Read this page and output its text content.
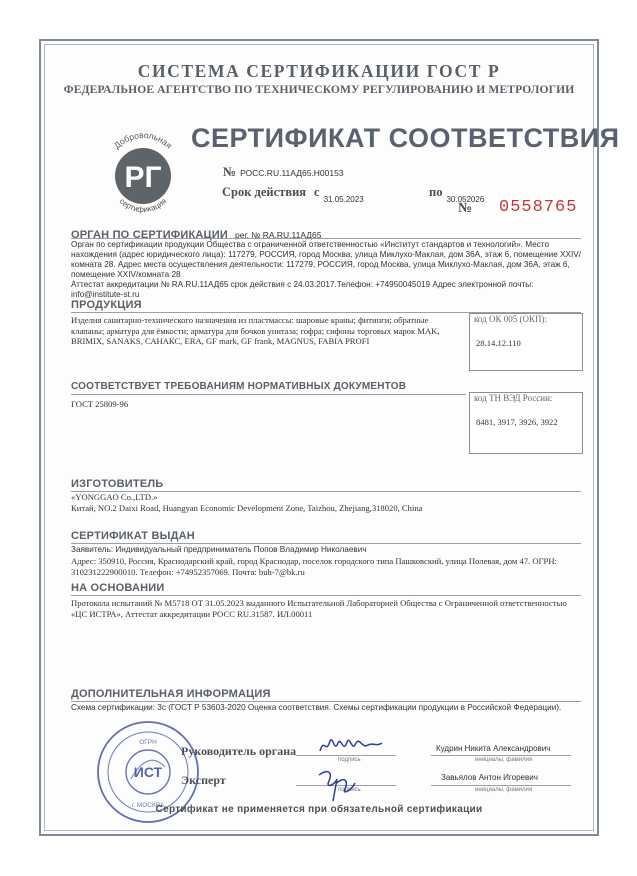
СИСТЕМА СЕРТИФИКАЦИИ ГОСТ Р
ФЕДЕРАЛЬНОЕ АГЕНТСТВО ПО ТЕХНИЧЕСКОМУ РЕГУЛИРОВАНИЮ И МЕТРОЛОГИИ
РГ
Добровольная
сертификация
СЕРТИФИКАТ СООТВЕТСТВИЯ
№ РОСС.RU.11АД65.Н00153
Срок действия с $_{31.05.2023}$
по $_{30.052026}$
№ 0558765
ОРГАН ПО СЕРТИФИКАЦИИ рег. № RA.RU.11АД65
Орган по сертификации продукции Общества с ограниченной ответственностью «Институт стандартов и технологий». Место нахождения (адрес юридического лица): 117279, РОССИЯ, город Москва, улица Миклухо-Маклая, дом 36А, этаж 6, помещение XXIV/комната 28. Адрес места осуществления деятельности: 117279, РОССИЯ, город Москва, улица Миклухо-Маклая, дом 36А, этаж 6, помещение XXIV/комната 28
Аттестат аккредитации № RA.RU.11АД65 срок действия с 24.03.2017.Телефон: +74950045019 Адрес электронной почты: info@institute-st.ru
ПРОДУКЦИЯ
Изделия санитарно-технического назначения из пластмассы: шаровые краны; фитинги; обратные клапаны; арматура для ёмкости; арматура для бочков унитаза; гофра; сифоны торговых марок MAK, BRIMIX, SANAKS, САНАКС, ERA, GF mark, GF frank, MAGNUS, FABIA PROFI
код ОК 005 (ОКП):
28.14.12.110
СООТВЕТСТВУЕТ ТРЕБОВАНИЯМ НОРМАТИВНЫХ ДОКУМЕНТОВ
ГОСТ 25809-96
код ТН ВЭД России:
8481, 3917, 3926, 3922
ИЗГОТОВИТЕЛЬ
«YONGGAO Co.,LTD.»
Китай, NO.2 Daixi Road, Huangyan Economic Development Zone, Taizhou, Zhejiang,318020, China
СЕРТИФИКАТ ВЫДАН
Заявитель: Индивидуальный предприниматель Попов Владимир Николаевич
Адрес: 350910, Россия, Краснодарский край, город Краснодар, поселок городского типа Пашковский, улица Полевая, дом 47. ОГРН: 310231222900010. Телефон: +74952357069. Почта: buh-7@bk.ru
НА ОСНОВАНИИ
Протокола испытаний № М5718 ОТ 31.05.2023 выданного Испытательной Лабораторией Общества с Ограниченной ответственностью «ЦС ИСТРА», Аттестат аккредитации РОСС RU.31587. ИЛ.00011
ДОПОЛНИТЕЛЬНАЯ ИНФОРМАЦИЯ
Схема сертификации: 3с (ГОСТ Р 53603-2020 Оценка соответствия. Схемы сертификации продукции в Российской Федерации).
ИСТ
ОГРН
г. МОСКВА
Руководитель органа
подпись
Кудрин Никита Александрович
инициалы, фамилия
Эксперт
подпись
Завьялов Антон Игоревич
инициалы, фамилия
Сертификат не применяется при обязательной сертификации
